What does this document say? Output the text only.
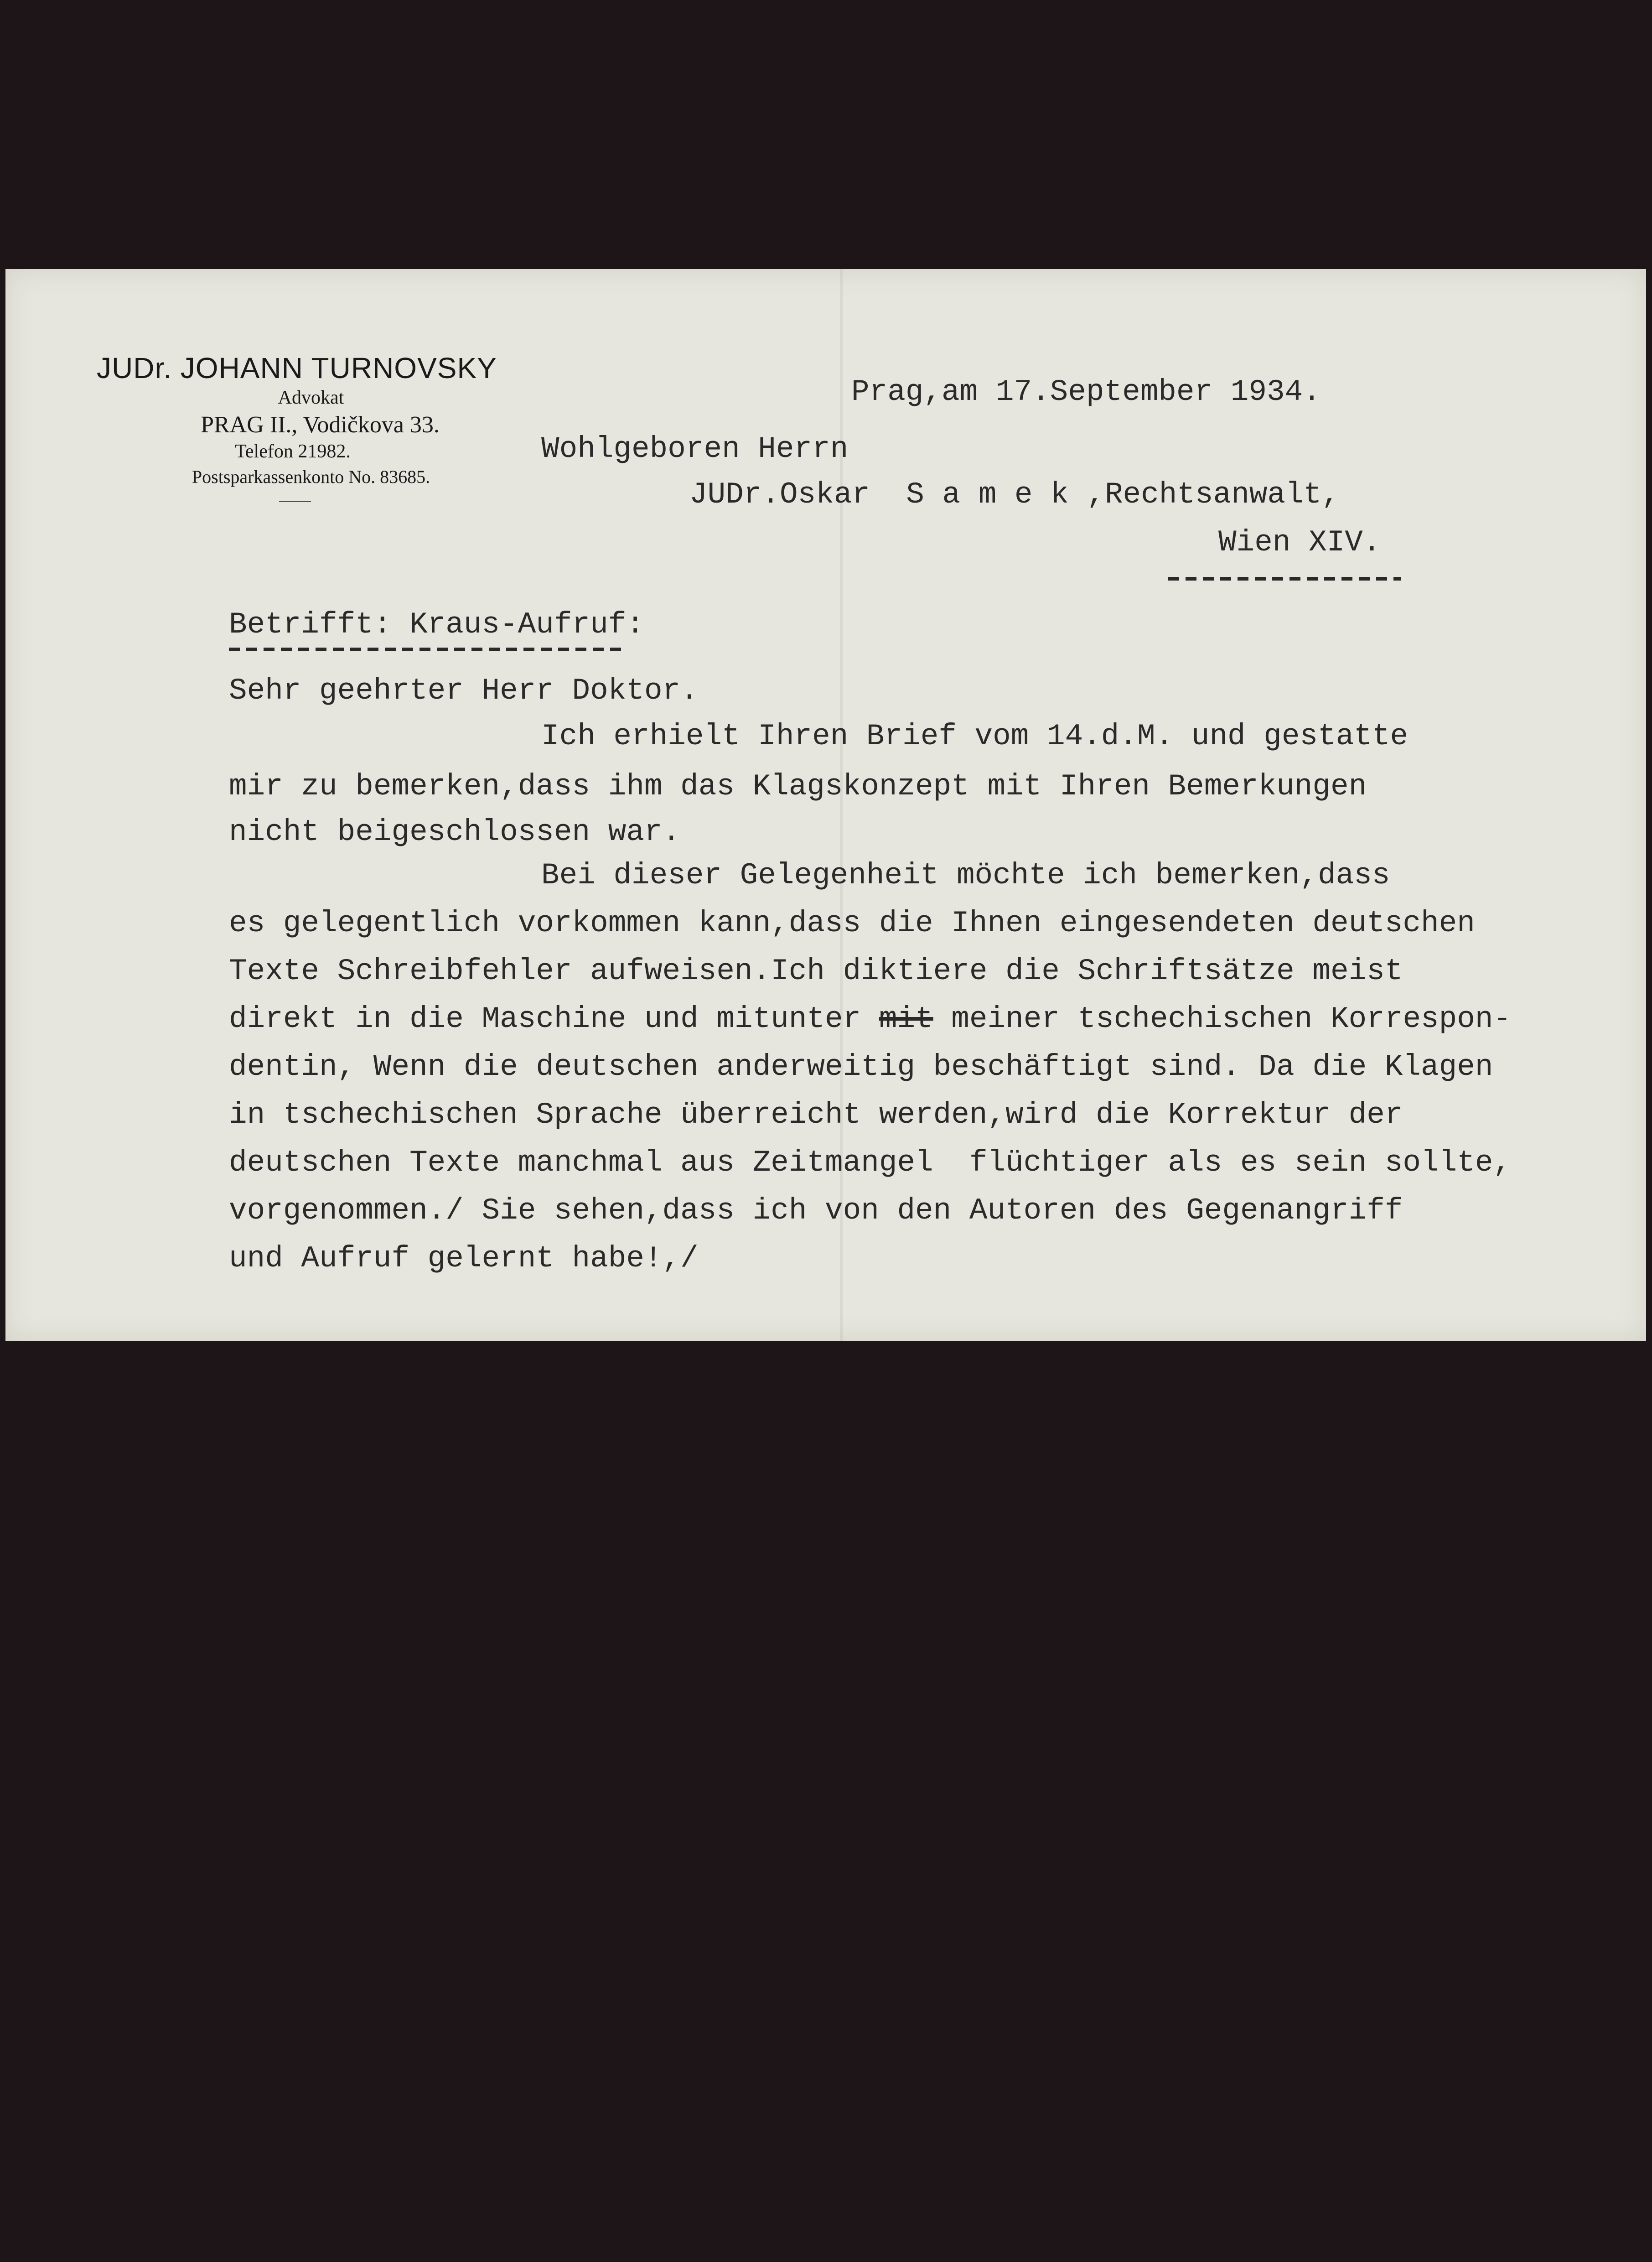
JUDr. JOHANN TURNOVSKY
Advokat
PRAG II., Vodičkova 33.
Telefon 21982.
Postsparkassenkonto No. 83685.
Prag,am 17.September 1934.
Wohlgeboren Herrn
JUDr.Oskar  S a m e k ,Rechtsanwalt,
Wien XIV.
Betrifft: Kraus-Aufruf:
Sehr geehrter Herr Doktor.
Ich erhielt Ihren Brief vom 14.d.M. und gestatte
mir zu bemerken,dass ihm das Klagskonzept mit Ihren Bemerkungen
nicht beigeschlossen war.
Bei dieser Gelegenheit möchte ich bemerken,dass
es gelegentlich vorkommen kann,dass die Ihnen eingesendeten deutschen
Texte Schreibfehler aufweisen.Ich diktiere die Schriftsätze meist
direkt in die Maschine und mitunter mit meiner tschechischen Korrespon-
dentin, Wenn die deutschen anderweitig beschäftigt sind. Da die Klagen
in tschechischen Sprache überreicht werden,wird die Korrektur der
deutschen Texte manchmal aus Zeitmangel  flüchtiger als es sein sollte,
vorgenommen./ Sie sehen,dass ich von den Autoren des Gegenangriff
und Aufruf gelernt habe!,/
